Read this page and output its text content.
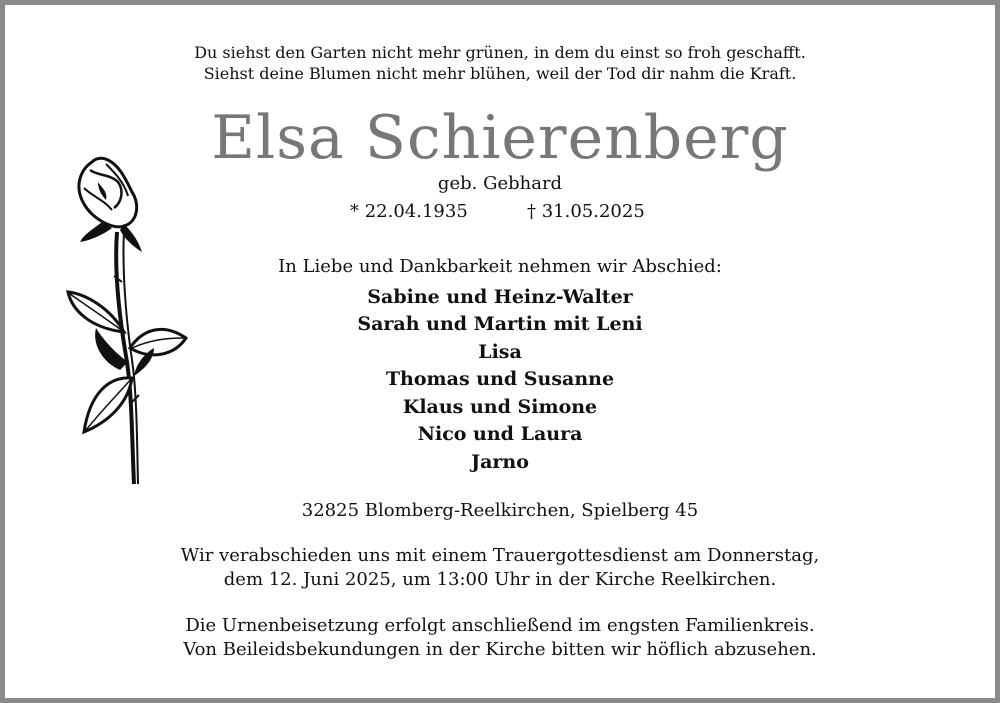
Du siehst den Garten nicht mehr grünen, in dem du einst so froh geschafft.
Siehst deine Blumen nicht mehr blühen, weil der Tod dir nahm die Kraft.
Elsa Schierenberg
geb. Gebhard
* 22.04.1935	† 31.05.2025
In Liebe und Dankbarkeit nehmen wir Abschied:
Sabine und Heinz-Walter
Sarah und Martin mit Leni
Lisa
Thomas und Susanne
Klaus und Simone
Nico und Laura
Jarno
32825 Blomberg-Reelkirchen, Spielberg 45
Wir verabschieden uns mit einem Trauergottesdienst am Donnerstag,
dem 12. Juni 2025, um 13:00 Uhr in der Kirche Reelkirchen.
Die Urnenbeisetzung erfolgt anschließend im engsten Familienkreis.
Von Beileidsbekundungen in der Kirche bitten wir höflich abzusehen.
